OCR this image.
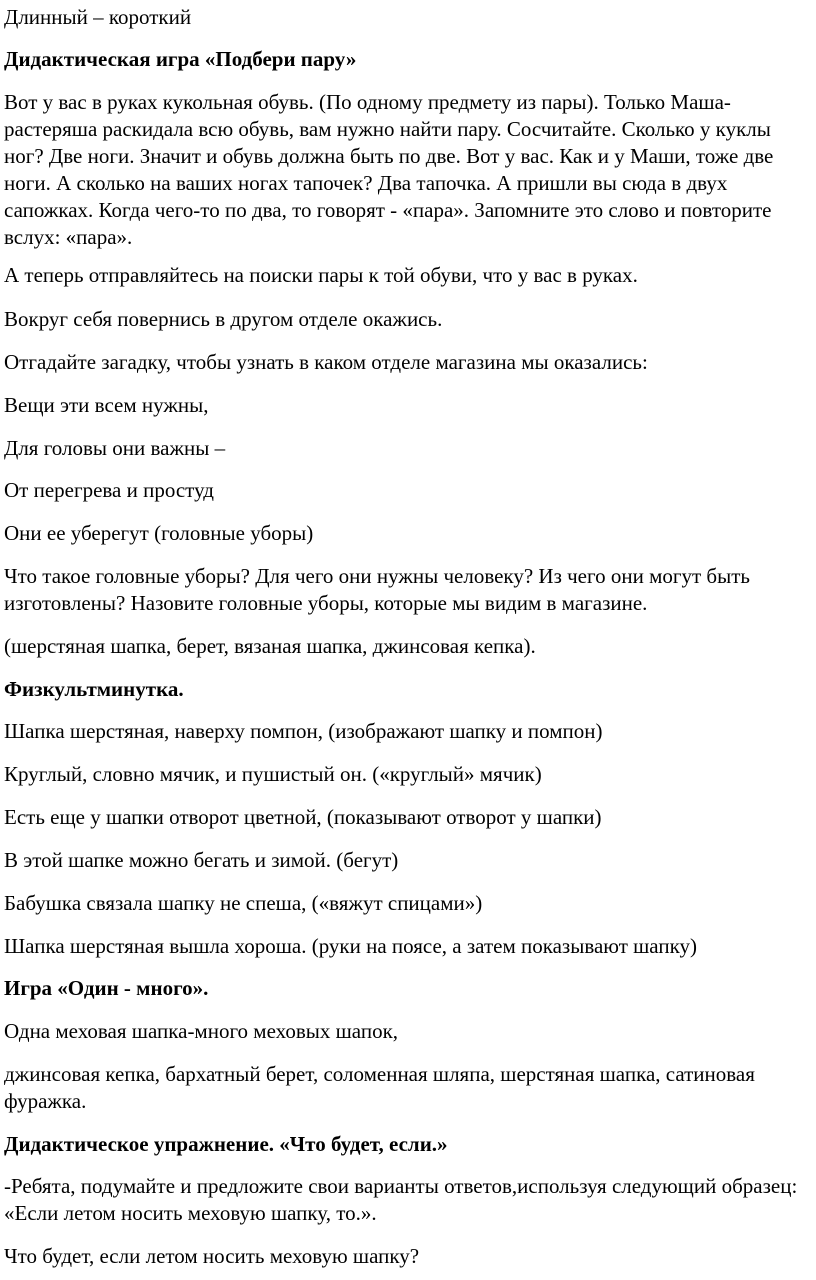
Длинный – короткий

Дидактическая игра «Подбери пару»

Вот у вас в руках кукольная обувь. (По одному предмету из пары). Только Маша-растеряша раскидала всю обувь, вам нужно найти пару. Сосчитайте. Сколько у куклы ног? Две ноги. Значит и обувь должна быть по две. Вот у вас. Как и у Маши, тоже две ноги. А сколько на ваших ногах тапочек? Два тапочка. А пришли вы сюда в двух сапожках. Когда чего-то по два, то говорят - «пара». Запомните это слово и повторите вслух: «пара».

А теперь отправляйтесь на поиски пары к той обуви, что у вас в руках.

Вокруг себя повернись в другом отделе окажись.

Отгадайте загадку, чтобы узнать в каком отделе магазина мы оказались:

Вещи эти всем нужны,

Для головы они важны –

От перегрева и простуд

Они ее уберегут (головные уборы)

Что такое головные уборы? Для чего они нужны человеку? Из чего они могут быть изготовлены? Назовите головные уборы, которые мы видим в магазине.

(шерстяная шапка, берет, вязаная шапка, джинсовая кепка).

Физкультминутка.

Шапка шерстяная, наверху помпон, (изображают шапку и помпон)

Круглый, словно мячик, и пушистый он. («круглый» мячик)

Есть еще у шапки отворот цветной, (показывают отворот у шапки)

В этой шапке можно бегать и зимой. (бегут)

Бабушка связала шапку не спеша, («вяжут спицами»)

Шапка шерстяная вышла хороша. (руки на поясе, а затем показывают шапку)

Игра «Один - много».

Одна меховая шапка-много меховых шапок,

джинсовая кепка, бархатный берет, соломенная шляпа, шерстяная шапка, сатиновая фуражка.

Дидактическое упражнение. «Что будет, если.»

-Ребята, подумайте и предложите свои варианты ответов,используя следующий образец: «Если летом носить меховую шапку, то.».

Что будет, если летом носить меховую шапку?
